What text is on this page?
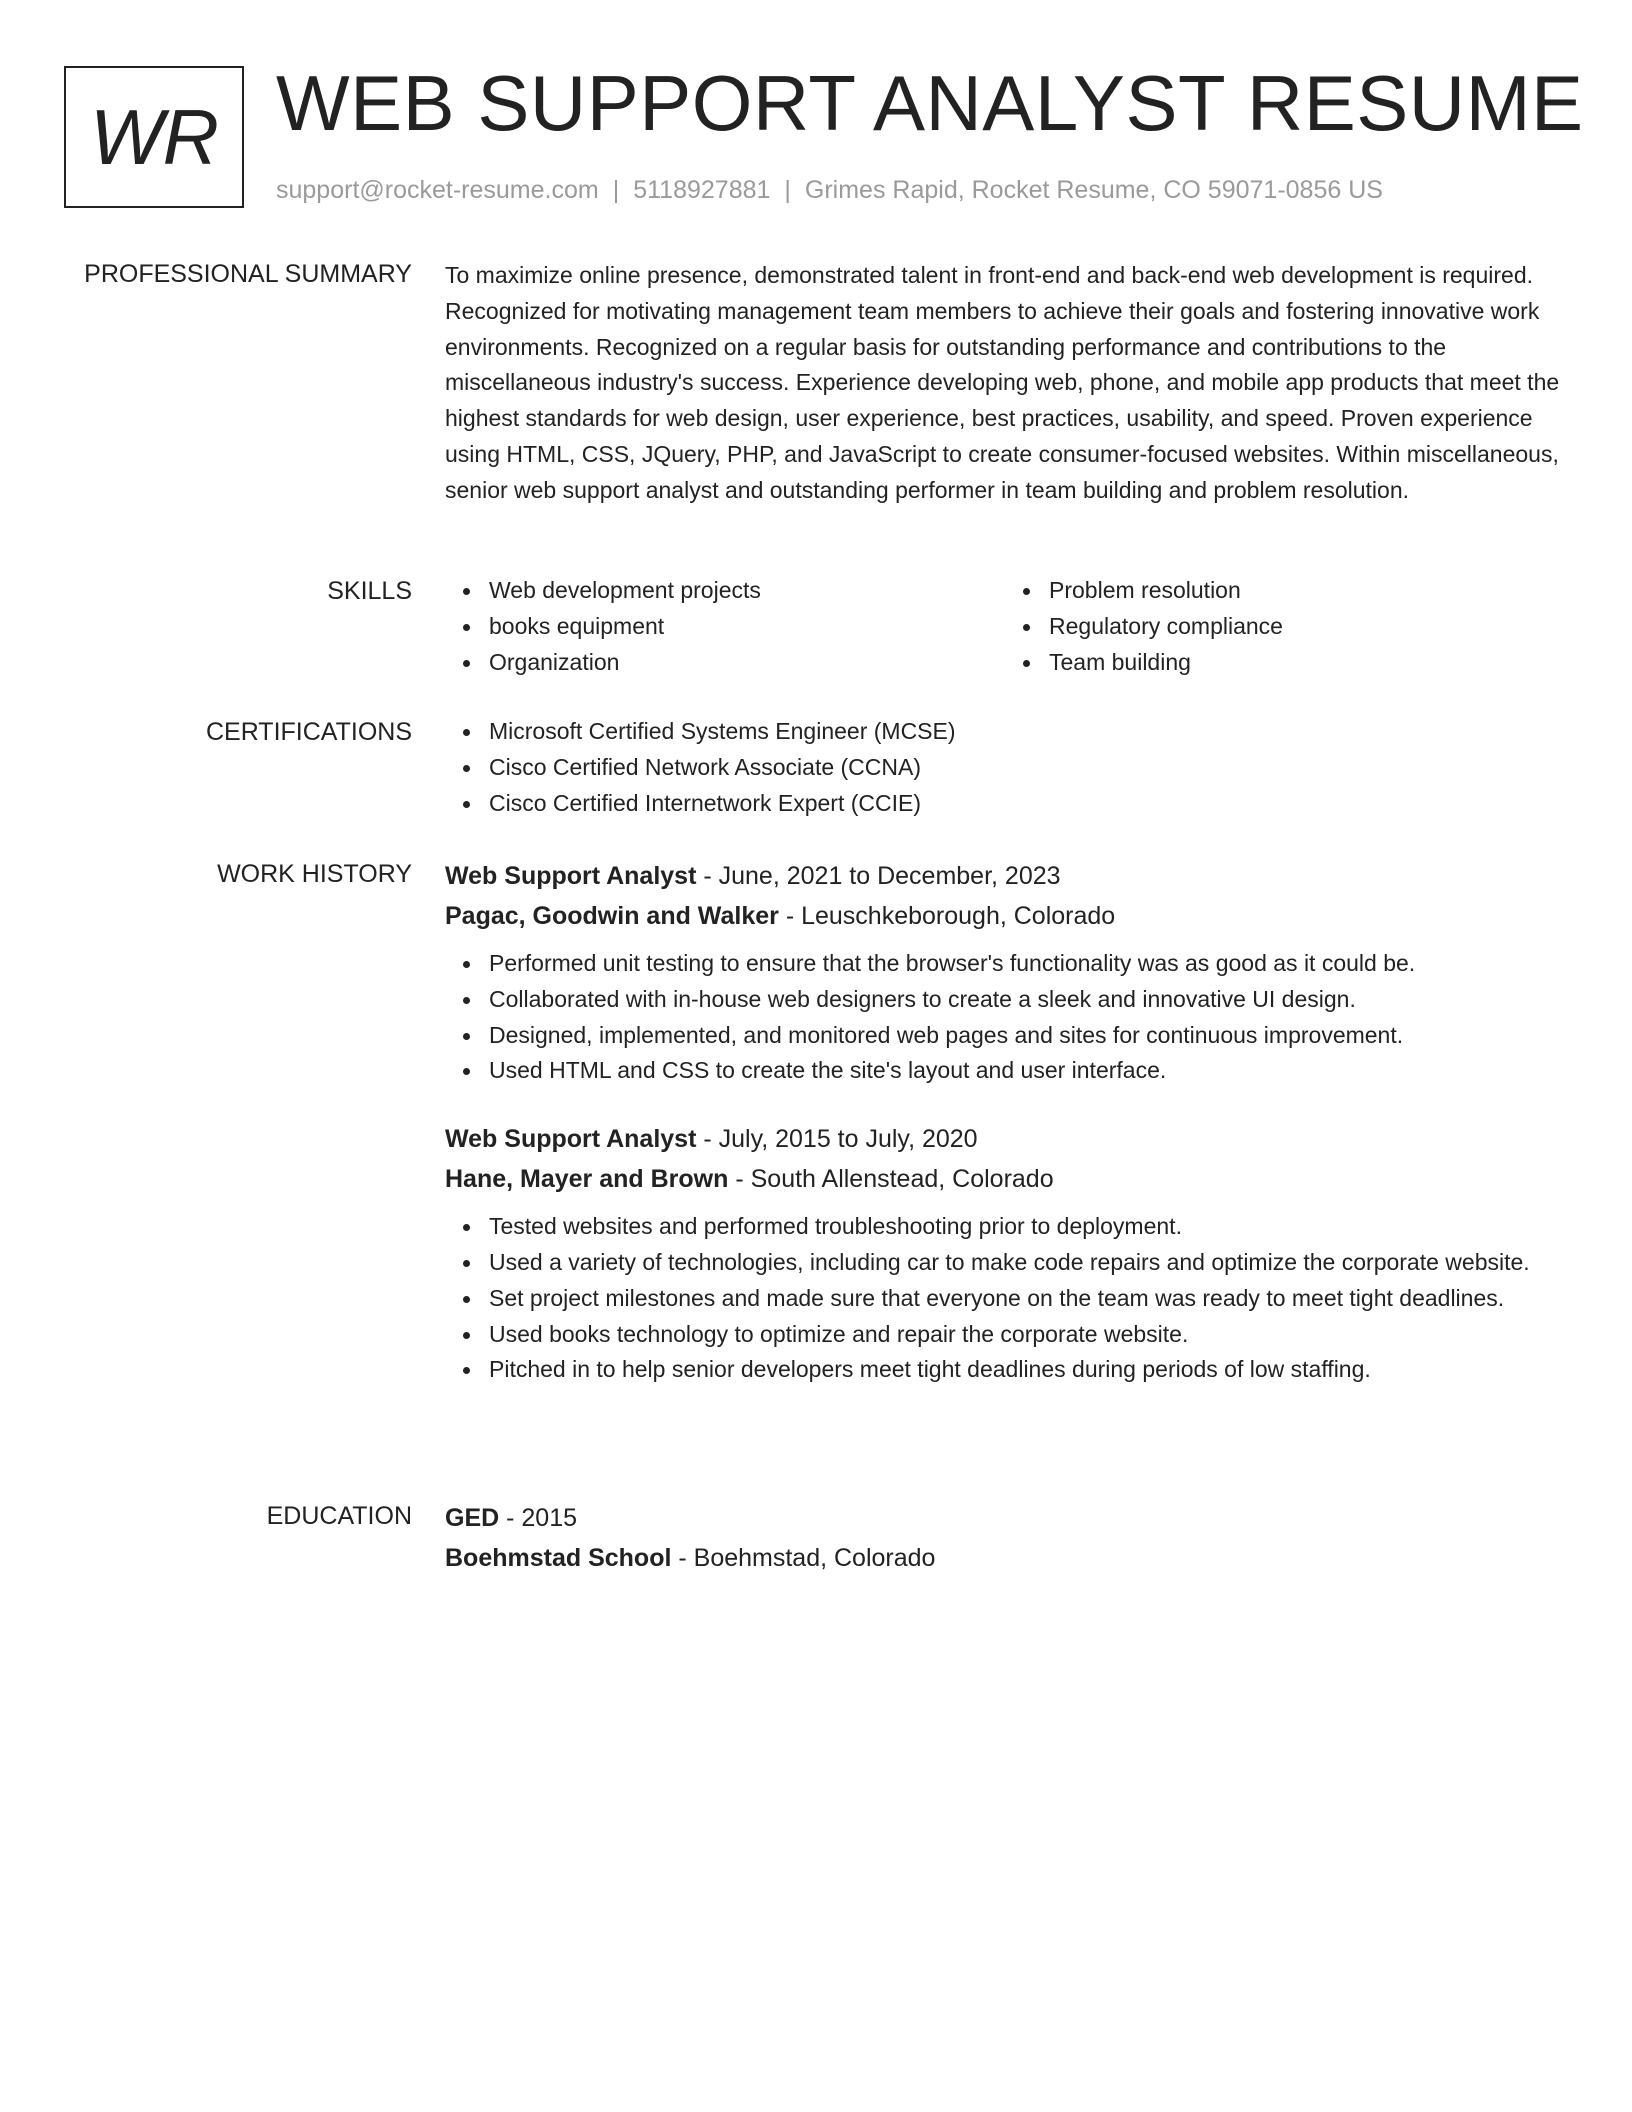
WR WEB SUPPORT ANALYST RESUME
support@rocket-resume.com | 5118927881 | Grimes Rapid, Rocket Resume, CO 59071-0856 US
PROFESSIONAL SUMMARY To maximize online presence, demonstrated talent in front-end and back-end web development is required. Recognized for motivating management team members to achieve their goals and fostering innovative work environments. Recognized on a regular basis for outstanding performance and contributions to the miscellaneous industry's success. Experience developing web, phone, and mobile app products that meet the highest standards for web design, user experience, best practices, usability, and speed. Proven experience using HTML, CSS, JQuery, PHP, and JavaScript to create consumer-focused websites. Within miscellaneous, senior web support analyst and outstanding performer in team building and problem resolution.

SKILLS	Web development projects
books equipment
Organization
Problem resolution
Regulatory compliance
Team building
CERTIFICATIONS	Microsoft Certified Systems Engineer (MCSE)
Cisco Certified Network Associate (CCNA)
Cisco Certified Internetwork Expert (CCIE)
WORK HISTORY Web Support Analyst - June, 2021 to December, 2023
Pagac, Goodwin and Walker - Leuschkeborough, Colorado
Performed unit testing to ensure that the browser's functionality was as good as it could be.
Collaborated with in-house web designers to create a sleek and innovative UI design.
Designed, implemented, and monitored web pages and sites for continuous improvement.
Used HTML and CSS to create the site's layout and user interface.
Web Support Analyst - July, 2015 to July, 2020
Hane, Mayer and Brown - South Allenstead, Colorado
Tested websites and performed troubleshooting prior to deployment.
Used a variety of technologies, including car to make code repairs and optimize the corporate website.
Set project milestones and made sure that everyone on the team was ready to meet tight deadlines.
Used books technology to optimize and repair the corporate website.
Pitched in to help senior developers meet tight deadlines during periods of low staffing.
EDUCATION GED - 2015
Boehmstad School - Boehmstad, Colorado
